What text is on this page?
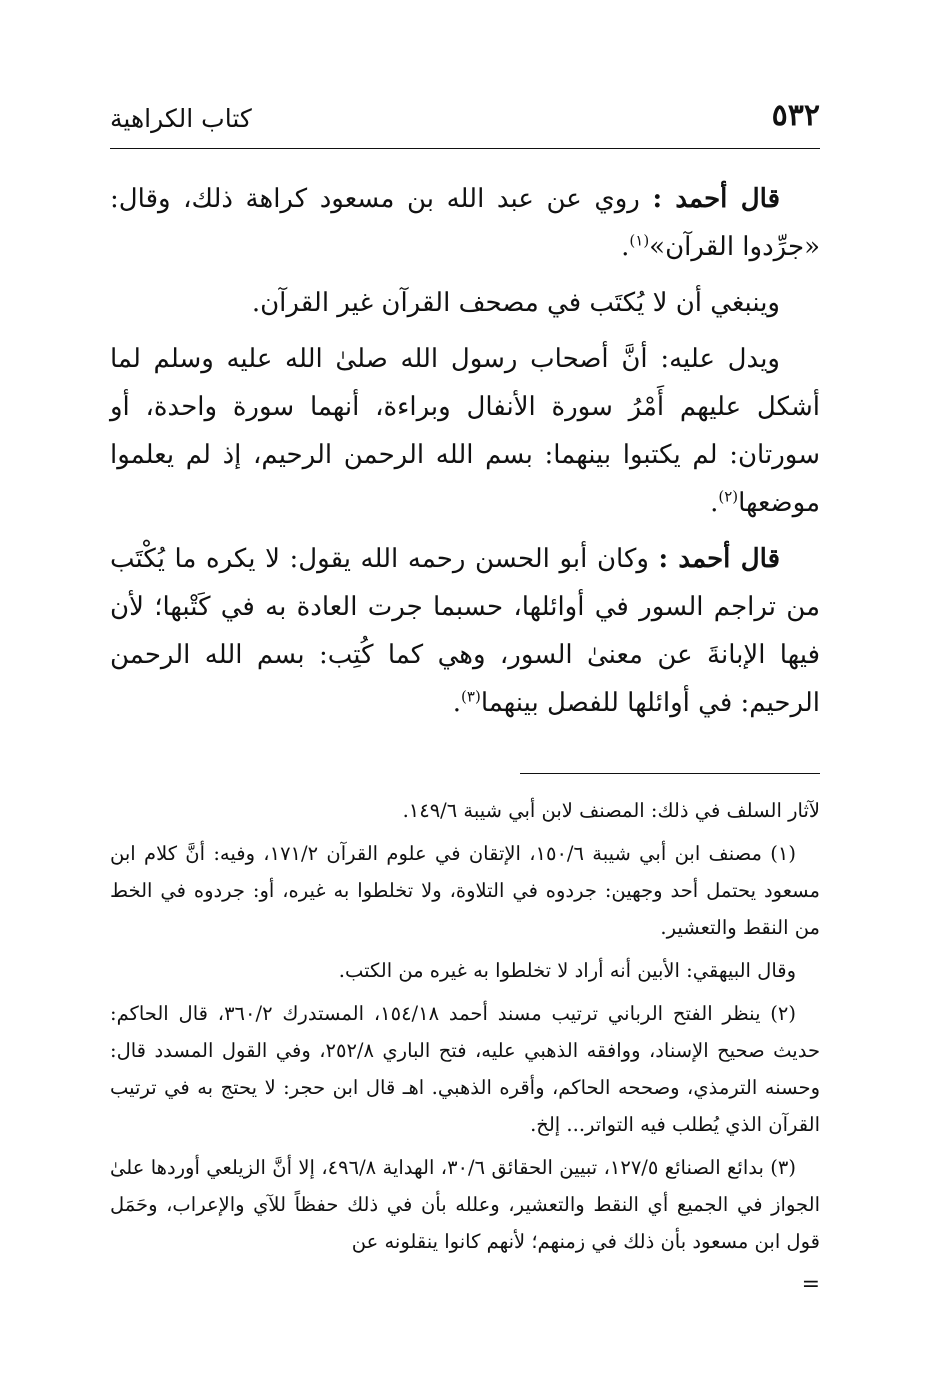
٥٣٢
كتاب الكراهية

قال أحمد : روي عن عبد الله بن مسعود كراهة ذلك، وقال: «جرِّدوا القرآن»$^{(١)}$.

وينبغي أن لا يُكتَب في مصحف القرآن غير القرآن.

ويدل عليه: أنَّ أصحاب رسول الله صلىٰ الله عليه وسلم لما أشكل عليهم أَمْرُ سورة الأنفال وبراءة، أنهما سورة واحدة، أو سورتان: لم يكتبوا بينهما: بسم الله الرحمن الرحيم، إذ لم يعلموا موضعها$^{(٢)}$.

قال أحمد : وكان أبو الحسن رحمه الله يقول: لا يكره ما يُكْتَب من تراجم السور في أوائلها، حسبما جرت العادة به في كَتْبها؛ لأن فيها الإبانةَ عن معنىٰ السور، وهي كما كُتِب: بسم الله الرحمن الرحيم: في أوائلها للفصل بينهما$^{(٣)}$.

لآثار السلف في ذلك: المصنف لابن أبي شيبة ١٤٩/٦.

(١) مصنف ابن أبي شيبة ١٥٠/٦، الإتقان في علوم القرآن ١٧١/٢، وفيه: أنَّ كلام ابن مسعود يحتمل أحد وجهين: جردوه في التلاوة، ولا تخلطوا به غيره، أو: جردوه في الخط من النقط والتعشير.

وقال البيهقي: الأبين أنه أراد لا تخلطوا به غيره من الكتب.

(٢) ينظر الفتح الرباني ترتيب مسند أحمد ١٥٤/١٨، المستدرك ٣٦٠/٢، قال الحاكم: حديث صحيح الإسناد، ووافقه الذهبي عليه، فتح الباري ٢٥٢/٨، وفي القول المسدد قال: وحسنه الترمذي، وصححه الحاكم، وأقره الذهبي. اهـ قال ابن حجر: لا يحتج به في ترتيب القرآن الذي يُطلب فيه التواتر... إلخ.

(٣) بدائع الصنائع ١٢٧/٥، تبيين الحقائق ٣٠/٦، الهداية ٤٩٦/٨، إلا أنَّ الزيلعي أوردها علىٰ الجواز في الجميع أي النقط والتعشير، وعلله بأن في ذلك حفظاً للآي والإعراب، وحَمَل قول ابن مسعود بأن ذلك في زمنهم؛ لأنهم كانوا ينقلونه عن

=
